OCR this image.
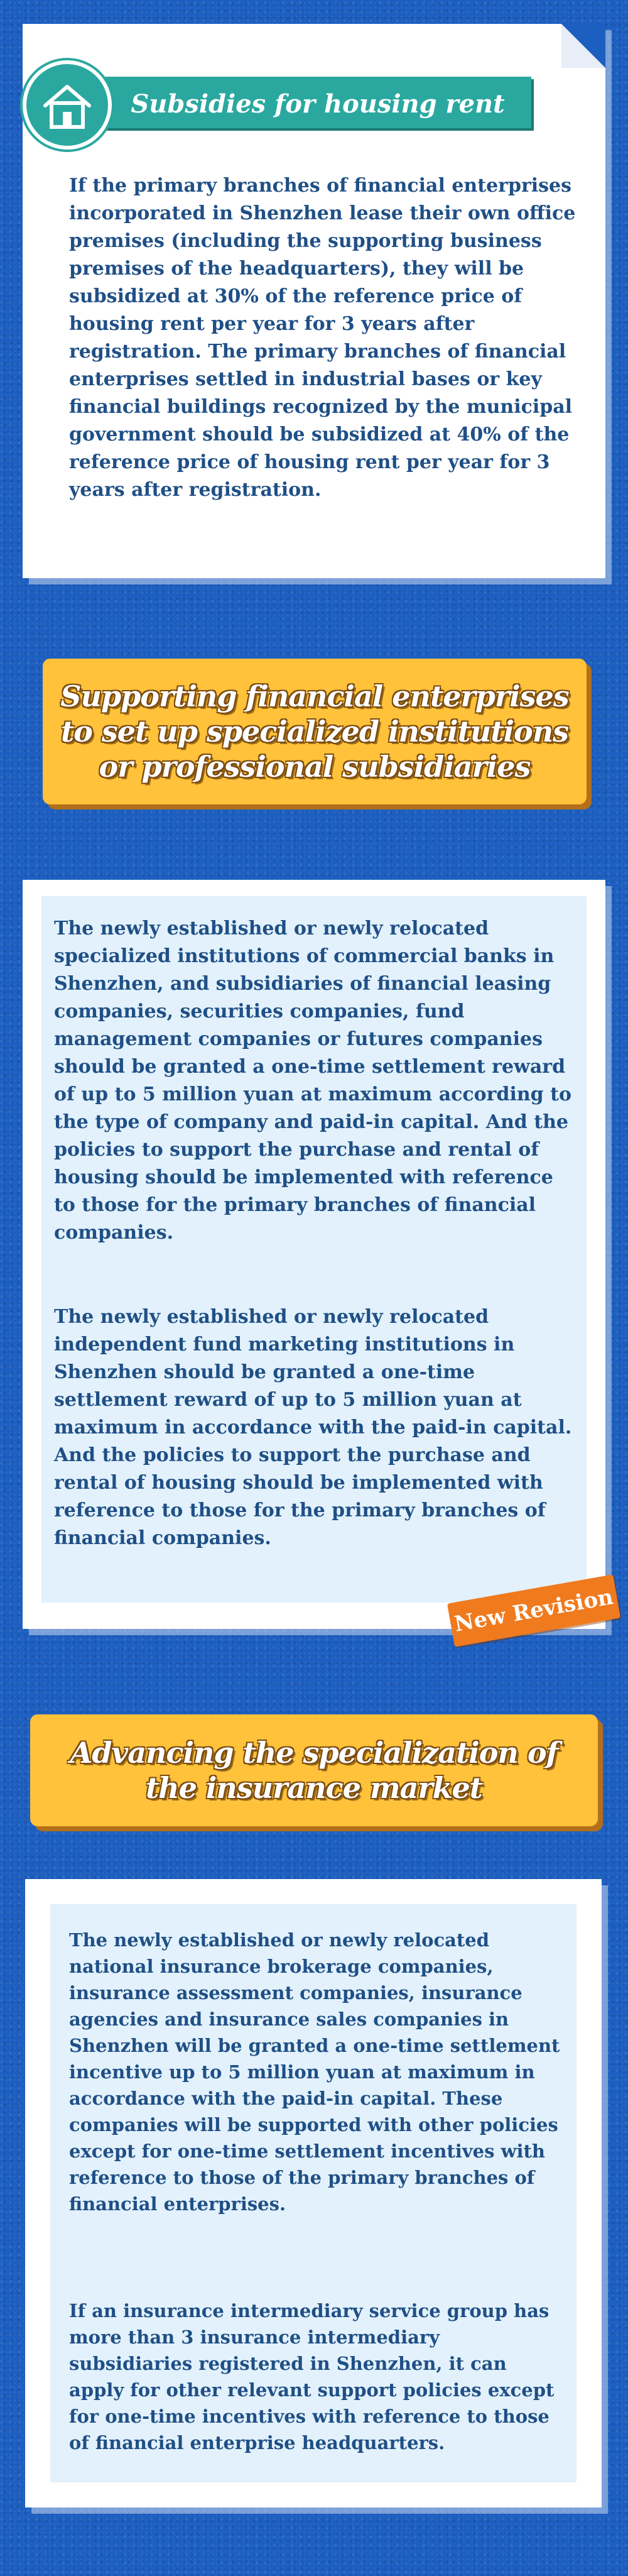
Subsidies for housing rent

If the primary branches of financial enterprises incorporated in Shenzhen lease their own office premises (including the supporting business premises of the headquarters), they will be subsidized at 30% of the reference price of housing rent per year for 3 years after registration. The primary branches of financial enterprises settled in industrial bases or key financial buildings recognized by the municipal government should be subsidized at 40% of the reference price of housing rent per year for 3 years after registration.

Supporting financial enterprises to set up specialized institutions or professional subsidiaries

The newly established or newly relocated specialized institutions of commercial banks in Shenzhen, and subsidiaries of financial leasing companies, securities companies, fund management companies or futures companies should be granted a one-time settlement reward of up to 5 million yuan at maximum according to the type of company and paid-in capital. And the policies to support the purchase and rental of housing should be implemented with reference to those for the primary branches of financial companies.

The newly established or newly relocated independent fund marketing institutions in Shenzhen should be granted a one-time settlement reward of up to 5 million yuan at maximum in accordance with the paid-in capital. And the policies to support the purchase and rental of housing should be implemented with reference to those for the primary branches of financial companies.

New Revision
Advancing the specialization of the insurance market

The newly established or newly relocated national insurance brokerage companies, insurance assessment companies, insurance agencies and insurance sales companies in Shenzhen will be granted a one-time settlement incentive up to 5 million yuan at maximum in accordance with the paid-in capital. These companies will be supported with other policies except for one-time settlement incentives with reference to those of the primary branches of financial enterprises.

If an insurance intermediary service group has more than 3 insurance intermediary subsidiaries registered in Shenzhen, it can apply for other relevant support policies except for one-time incentives with reference to those of financial enterprise headquarters.
